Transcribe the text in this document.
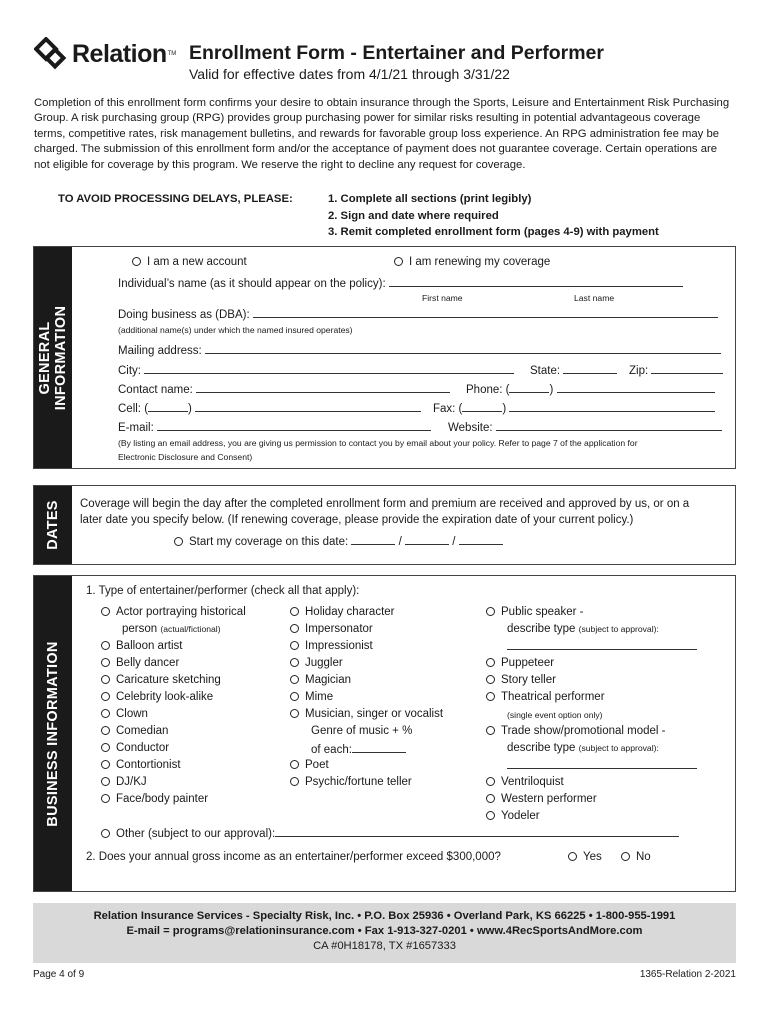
Relation TM Enrollment Form - Entertainer and Performer
Valid for effective dates from 4/1/21 through 3/31/22
Completion of this enrollment form confirms your desire to obtain insurance through the Sports, Leisure and Entertainment Risk Purchasing Group. A risk purchasing group (RPG) provides group purchasing power for similar risks resulting in potential advantageous coverage terms, competitive rates, risk management bulletins, and rewards for favorable group loss experience. An RPG administration fee may be charged. The submission of this enrollment form and/or the acceptance of payment does not guarantee coverage. Certain operations are not eligible for coverage by this program. We reserve the right to decline any request for coverage.
TO AVOID PROCESSING DELAYS, PLEASE:	1. Complete all sections (print legibly)
2. Sign and date where required
3. Remit completed enrollment form (pages 4-9) with payment
GENERAL INFORMATION
I am a new account	I am renewing my coverage
Individual’s name (as it should appear on the policy):
First name	Last name
Doing business as (DBA):
(additional name(s) under which the named insured operates)
Mailing address:
City:	State:	Zip:
Contact name:	Phone: (	)
Cell: (	)	Fax: (	)
E-mail:	Website:
(By listing an email address, you are giving us permission to contact you by email about your policy. Refer to page 7 of the application for
Electronic Disclosure and Consent)
DATES Coverage will begin the day after the completed enrollment form and premium are received and approved by us, or on a
later date you specify below. (If renewing coverage, please provide the expiration date of your current policy.)
Start my coverage on this date:	/	/
BUSINESS INFORMATION
1. Type of entertainer/performer (check all that apply):
Actor portraying historical
person (actual/fictional)
Balloon artist
Belly dancer
Caricature sketching
Celebrity look-alike
Clown
Comedian
Conductor
Contortionist
DJ/KJ
Face/body painter
Holiday character
Impersonator
Impressionist
Juggler
Magician
Mime
Musician, singer or vocalist
Genre of music + %
of each:
Poet
Psychic/fortune teller
Public speaker -
describe type (subject to approval):
Puppeteer
Story teller
Theatrical performer
(single event option only)
Trade show/promotional model -
describe type (subject to approval):
Ventriloquist
Western performer
Yodeler
Other (subject to our approval):
2. Does your annual gross income as an entertainer/performer exceed $300,000?	Yes	No
Relation Insurance Services - Specialty Risk, Inc. • P.O. Box 25936 • Overland Park, KS 66225 • 1-800-955-1991
E-mail = programs@relationinsurance.com • Fax 1-913-327-0201 • www.4RecSportsAndMore.com
CA #0H18178, TX #1657333
Page 4 of 9	1365-Relation 2-2021
